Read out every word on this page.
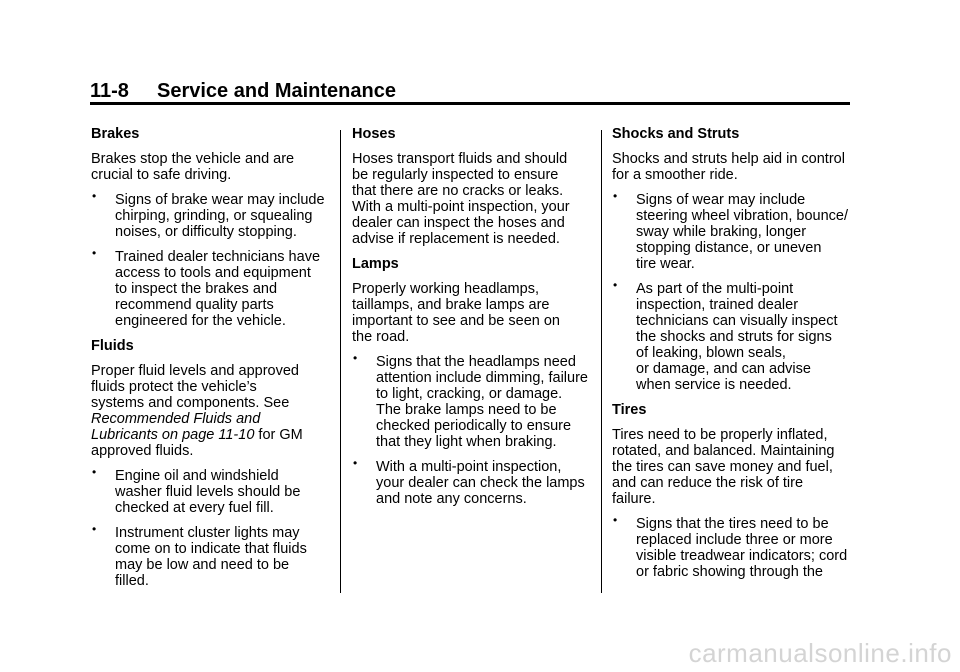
11-8 Service and Maintenance
Brakes
Brakes stop the vehicle and are
crucial to safe driving.
• Signs of brake wear may include
chirping, grinding, or squealing
noises, or difficulty stopping.
• Trained dealer technicians have
access to tools and equipment
to inspect the brakes and
recommend quality parts
engineered for the vehicle.
Fluids
Proper fluid levels and approved
fluids protect the vehicle’s
systems and components. See
Recommended Fluids and
Lubricants on page 11-10 for GM
approved fluids.
• Engine oil and windshield
washer fluid levels should be
checked at every fuel fill.
• Instrument cluster lights may
come on to indicate that fluids
may be low and need to be
filled.
Hoses
Hoses transport fluids and should
be regularly inspected to ensure
that there are no cracks or leaks.
With a multi-point inspection, your
dealer can inspect the hoses and
advise if replacement is needed.
Lamps
Properly working headlamps,
taillamps, and brake lamps are
important to see and be seen on
the road.
• Signs that the headlamps need
attention include dimming, failure
to light, cracking, or damage.
The brake lamps need to be
checked periodically to ensure
that they light when braking.
• With a multi-point inspection,
your dealer can check the lamps
and note any concerns.
Shocks and Struts
Shocks and struts help aid in control
for a smoother ride.
• Signs of wear may include
steering wheel vibration, bounce/
sway while braking, longer
stopping distance, or uneven
tire wear.
• As part of the multi-point
inspection, trained dealer
technicians can visually inspect
the shocks and struts for signs
of leaking, blown seals,
or damage, and can advise
when service is needed.
Tires
Tires need to be properly inflated,
rotated, and balanced. Maintaining
the tires can save money and fuel,
and can reduce the risk of tire
failure.
• Signs that the tires need to be
replaced include three or more
visible treadwear indicators; cord
or fabric showing through the
carmanualsonline.info
